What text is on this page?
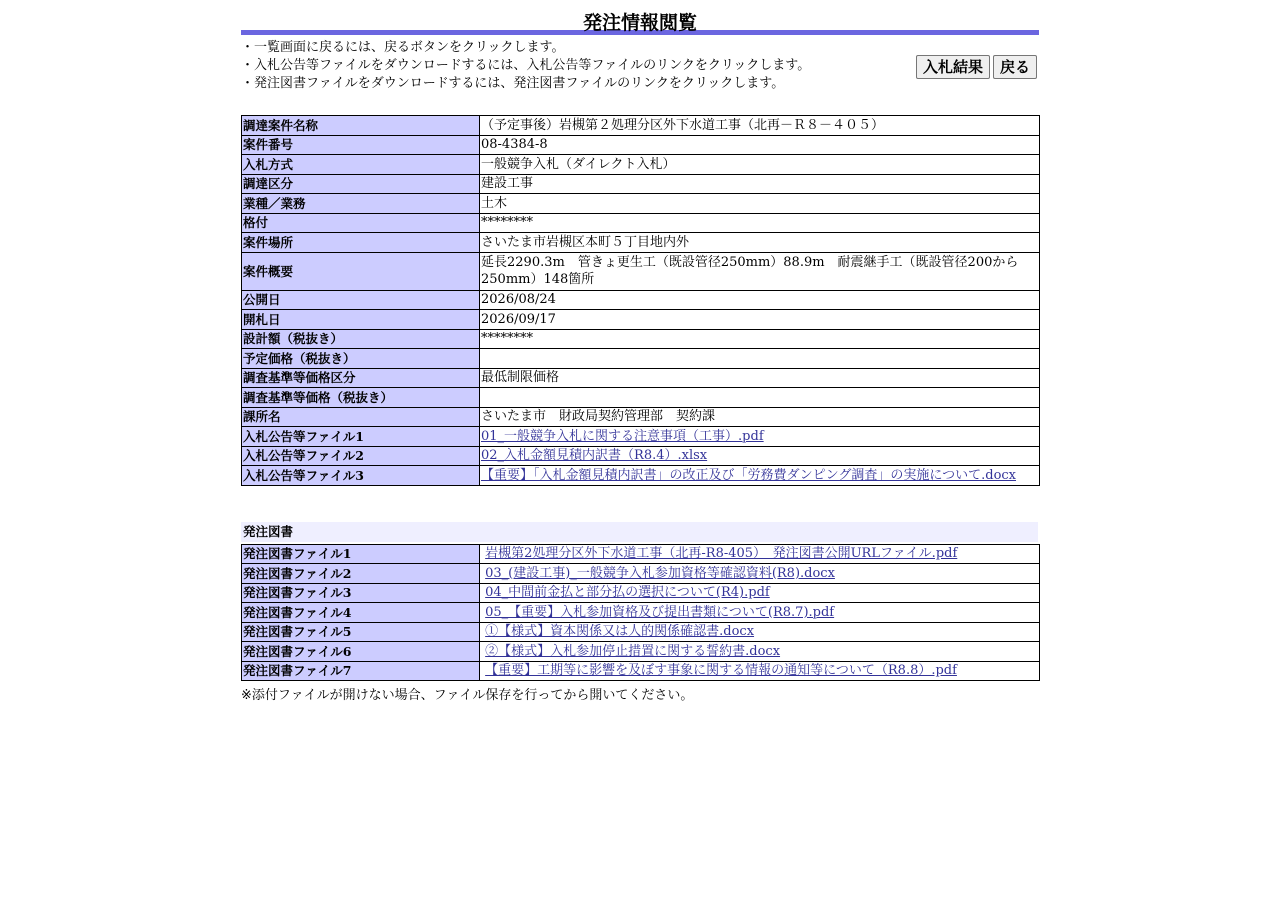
発注情報閲覧
・一覧画面に戻るには、戻るボタンをクリックします。
・入札公告等ファイルをダウンロードするには、入札公告等ファイルのリンクをクリックします。
・発注図書ファイルをダウンロードするには、発注図書ファイルのリンクをクリックします。
入札結果	戻る
調達案件名称	（予定事後）岩槻第２処理分区外下水道工事（北再－Ｒ８－４０５）
案件番号	08-4384-8
入札方式	一般競争入札（ダイレクト入札）
調達区分	建設工事
業種／業務	土木
格付	********
案件場所	さいたま市岩槻区本町５丁目地内外
案件概要	延長2290.3m　管きょ更生工（既設管径250mm）88.9m　耐震継手工（既設管径200から250mm）148箇所
公開日	2026/08/24
開札日	2026/09/17
設計額（税抜き）	********
予定価格（税抜き）	
調査基準等価格区分	最低制限価格
調査基準等価格（税抜き）	
課所名	さいたま市　財政局契約管理部　契約課
入札公告等ファイル1	01_一般競争入札に関する注意事項（工事）.pdf
入札公告等ファイル2	02_入札金額見積内訳書（R8.4）.xlsx
入札公告等ファイル3	【重要】「入札金額見積内訳書」の改正及び「労務費ダンピング調査」の実施について.docx
発注図書
発注図書ファイル1	岩槻第2処理分区外下水道工事（北再-R8-405）　発注図書公開URLファイル.pdf
発注図書ファイル2	03_(建設工事)_一般競争入札参加資格等確認資料(R8).docx
発注図書ファイル3	04_中間前金払と部分払の選択について(R4).pdf
発注図書ファイル4	05_【重要】入札参加資格及び提出書類について(R8.7).pdf
発注図書ファイル5	①【様式】資本関係又は人的関係確認書.docx
発注図書ファイル6	②【様式】入札参加停止措置に関する誓約書.docx
発注図書ファイル7	【重要】工期等に影響を及ぼす事象に関する情報の通知等について（R8.8）.pdf
※添付ファイルが開けない場合、ファイル保存を行ってから開いてください。
